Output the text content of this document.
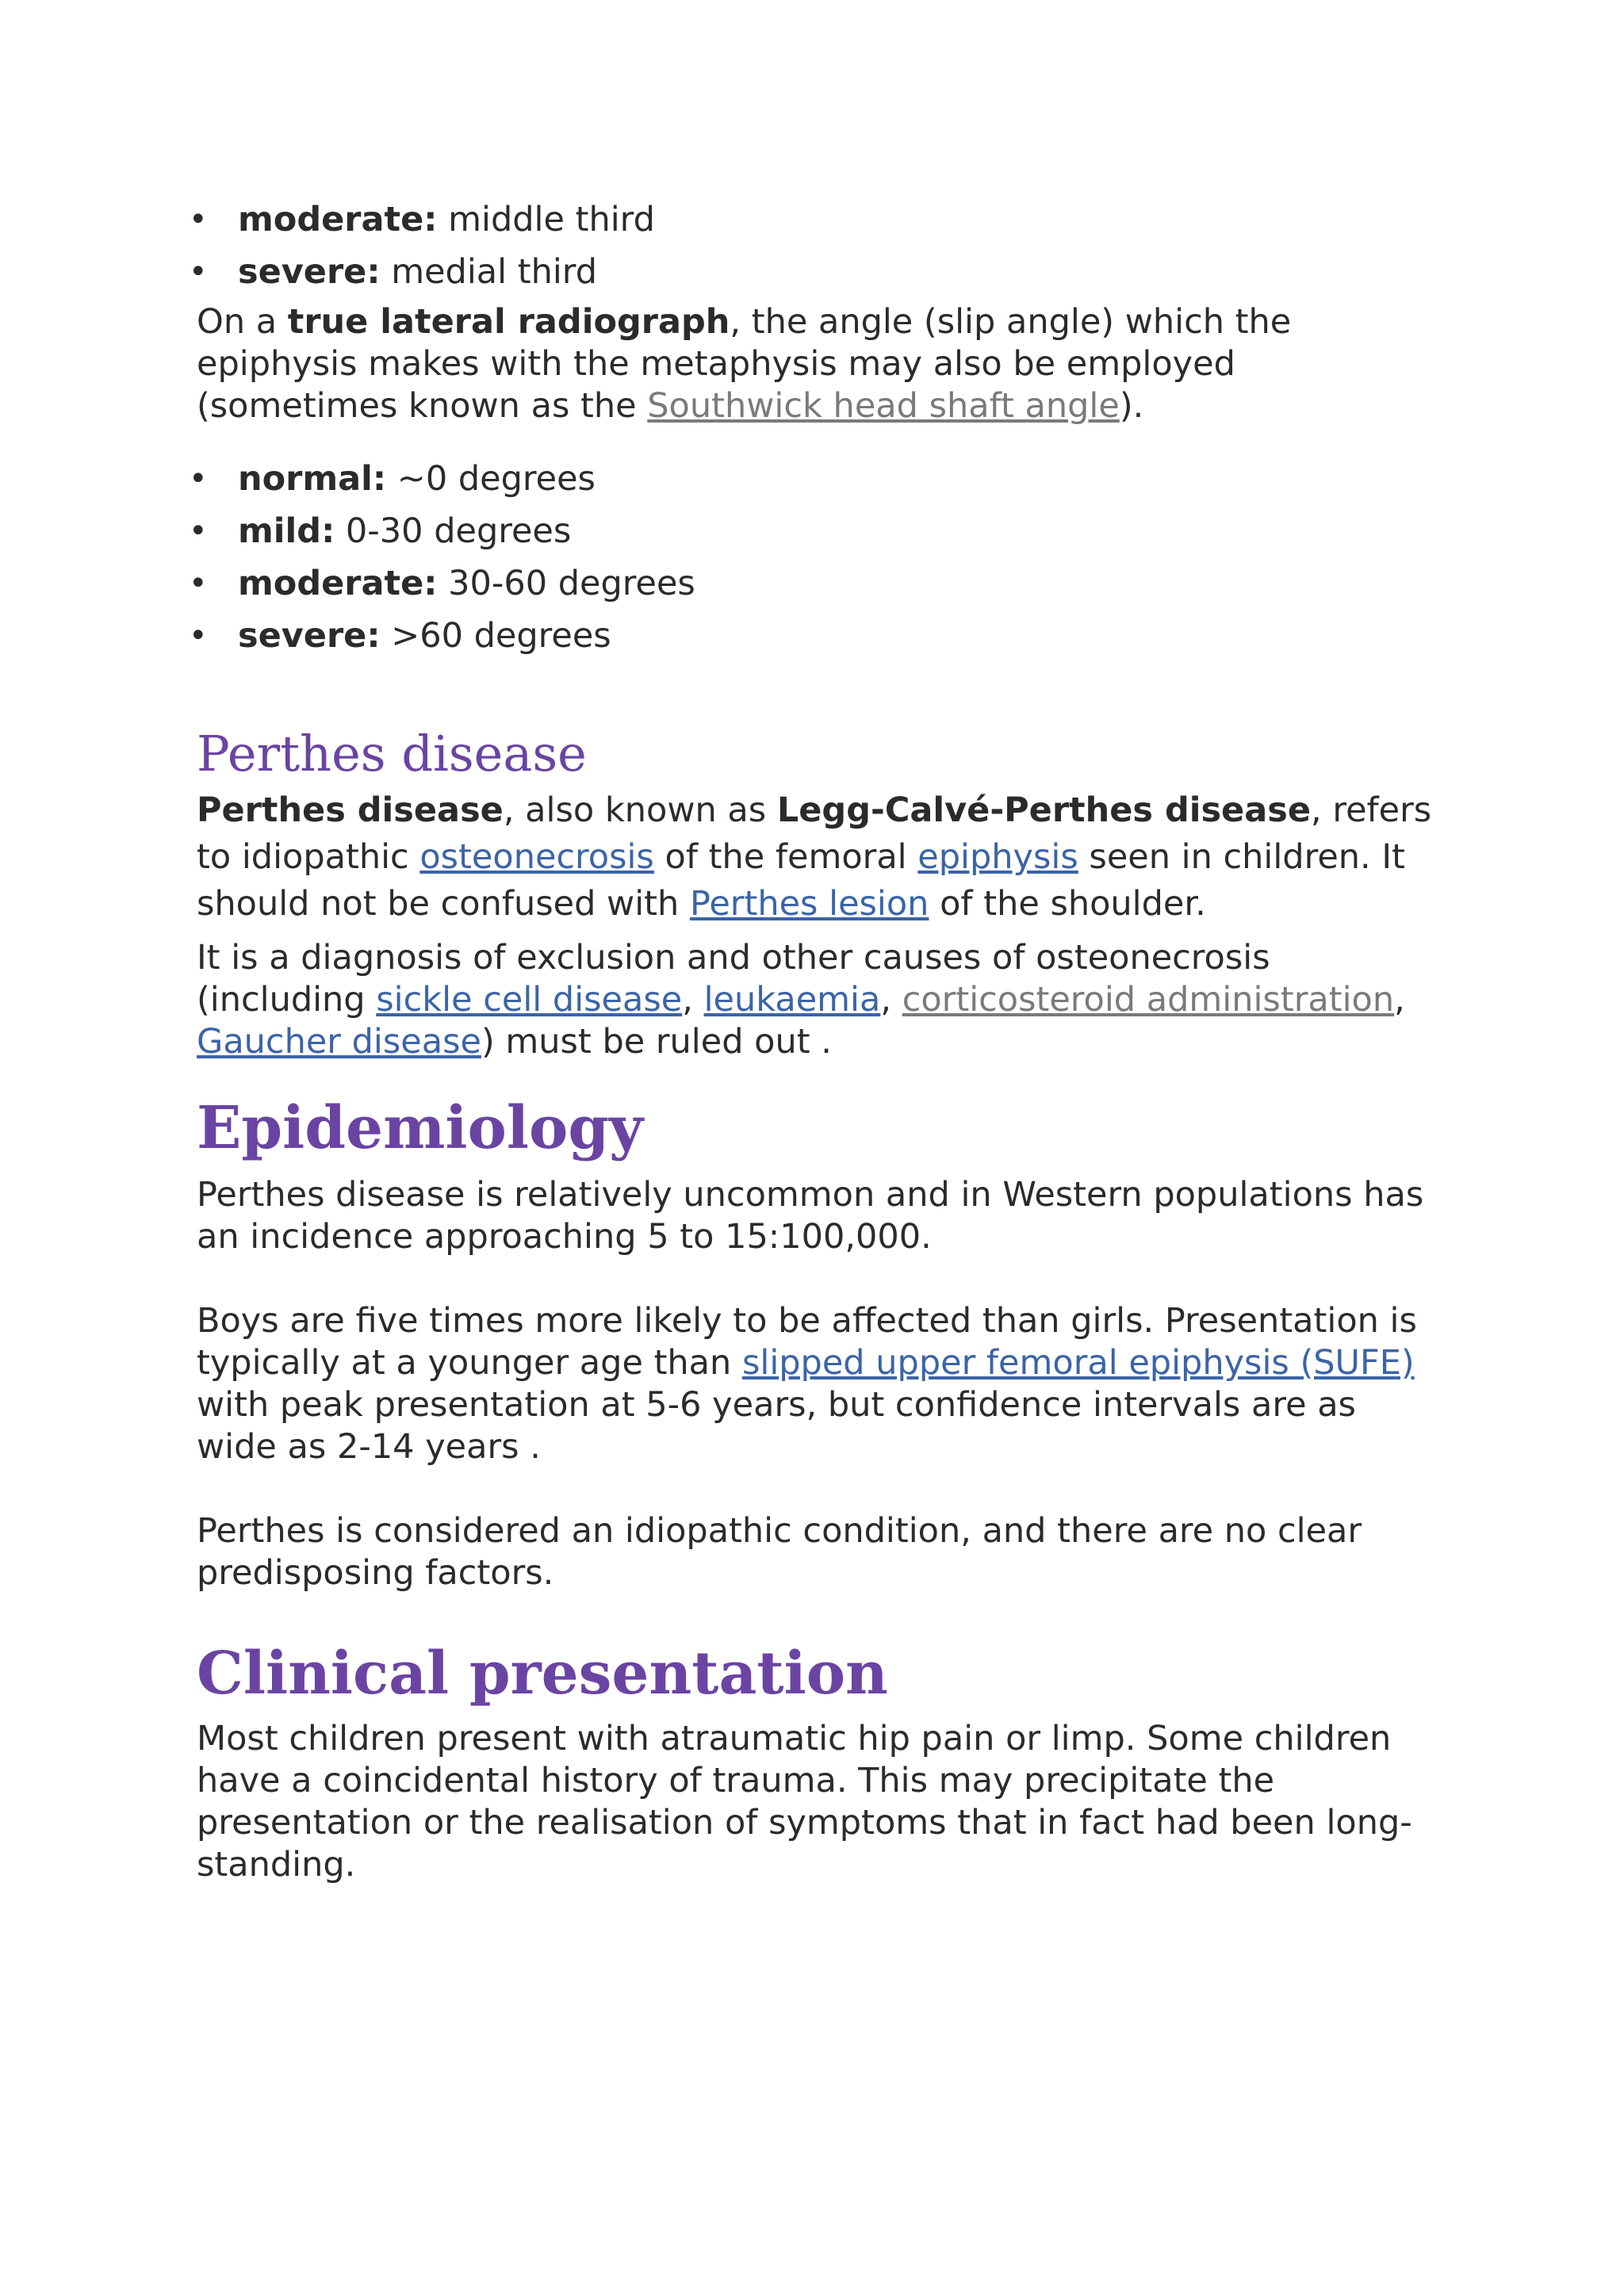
• moderate: middle third
• severe: medial third

On a true lateral radiograph, the angle (slip angle) which the epiphysis makes with the metaphysis may also be employed (sometimes known as the Southwick head shaft angle).

• normal: ~0 degrees
• mild: 0-30 degrees
• moderate: 30-60 degrees
• severe: >60 degrees
Perthes disease

Perthes disease, also known as Legg-Calvé-Perthes disease, refers to idiopathic osteonecrosis of the femoral epiphysis seen in children. It should not be confused with Perthes lesion of the shoulder.

It is a diagnosis of exclusion and other causes of osteonecrosis (including sickle cell disease, leukaemia, corticosteroid administration, Gaucher disease) must be ruled out .

Epidemiology

Perthes disease is relatively uncommon and in Western populations has an incidence approaching 5 to 15:100,000.

Boys are five times more likely to be affected than girls. Presentation is typically at a younger age than slipped upper femoral epiphysis (SUFE) with peak presentation at 5-6 years, but confidence intervals are as wide as 2-14 years .

Perthes is considered an idiopathic condition, and there are no clear predisposing factors.

Clinical presentation

Most children present with atraumatic hip pain or limp. Some children have a coincidental history of trauma. This may precipitate the presentation or the realisation of symptoms that in fact had been long-standing.
